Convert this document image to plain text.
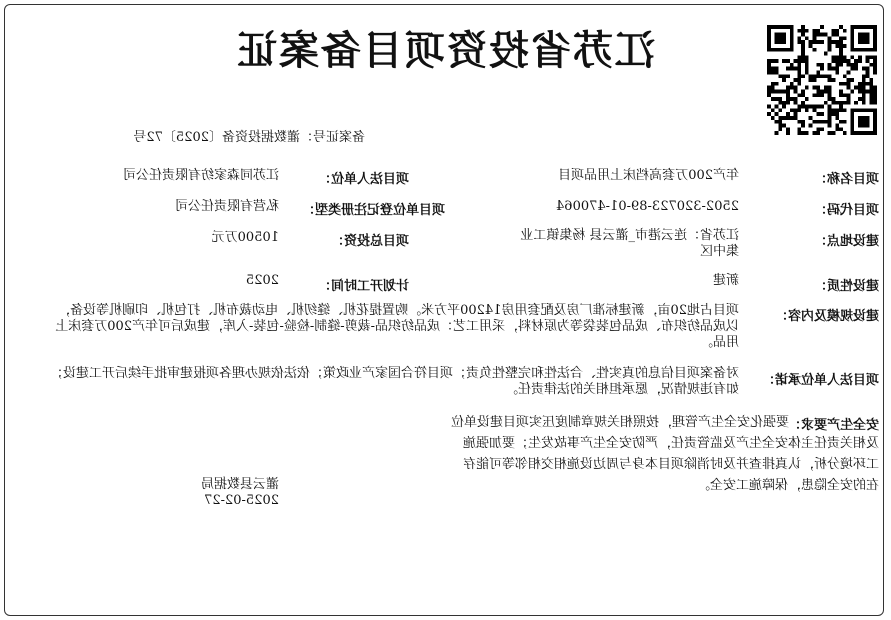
江苏省投资项目备案证
备案证号：灌数据投资备〔2025〕72号
项目名称：
年产200万套高档床上用品项目
项目法人单位：
江苏同森家纺有限责任公司
项目代码：
2502-320723-89-01-470064
项目单位登记注册类型：
私营有限责任公司
建设地点：
江苏省：连云港市_灌云县 杨集镇工业集中区
项目总投资：
10500万元
建设性质：
新建
计划开工时间：
2025
建设规模及内容：
项目占地20亩，新建标准厂房及配套用房14200平方米。购置提花机、缝纫机、电动裁布机、打包机、印刷机等设备，以成品纺织布、成品包装袋等为原材料，采用工艺：成品纺织品-裁剪-缝制-检验-包装-入库，建成后可年产200万套床上用品。
项目法人单位承诺：
对备案项目信息的真实性、合法性和完整性负责；项目符合国家产业政策；依法依规办理各项报建审批手续后开工建设；如有违规情况，愿承担相关的法律责任。
安全生产要求：
要强化安全生产管理，按照相关规章制度压实项目建设单位及相关责任主体安全生产及监管责任，严防安全生产事故发生；要加强施工环境分析，认真排查并及时消除项目本身与周边设施相交相邻等可能存在的安全隐患，保障施工安全。
灌云县数据局
2025-02-27
